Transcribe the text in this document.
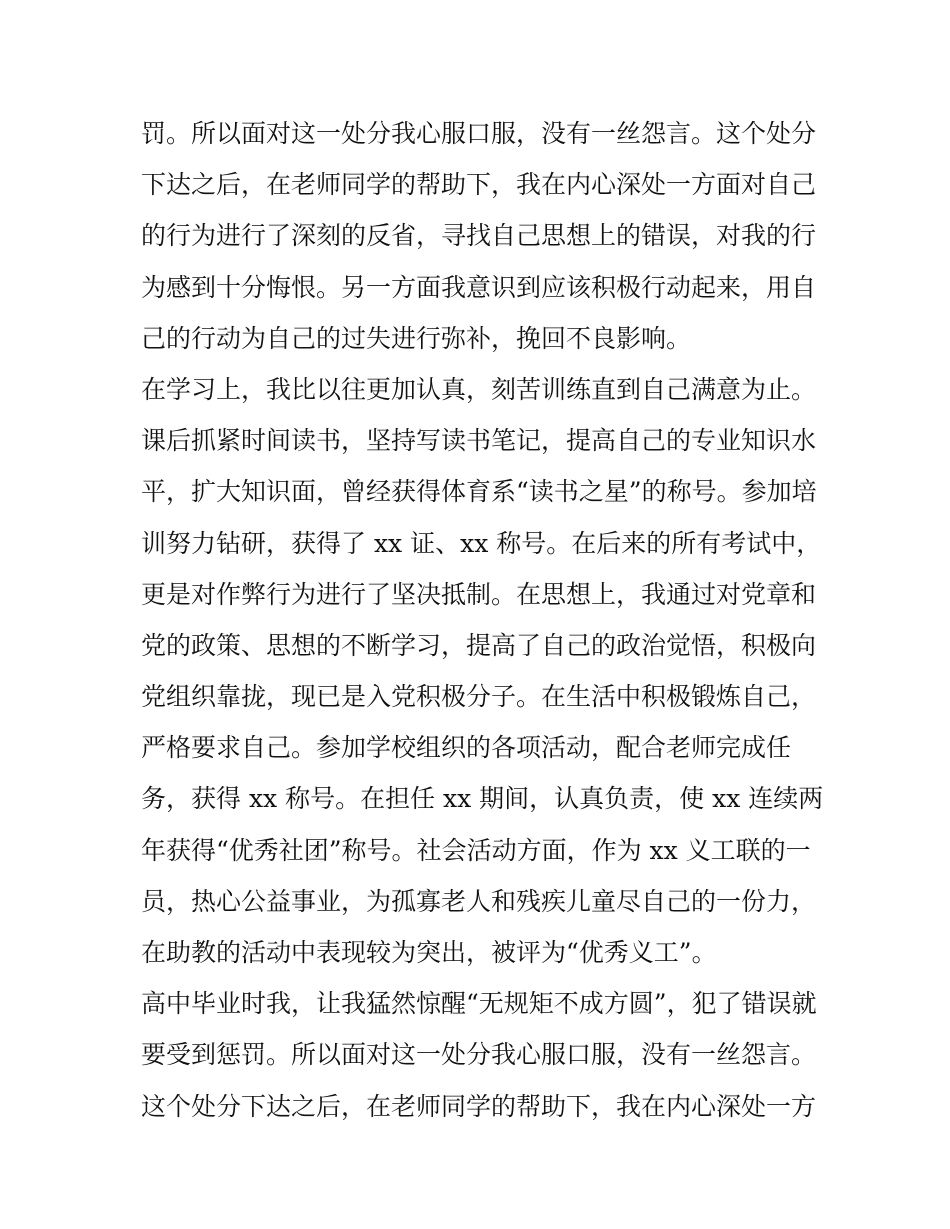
罚。所以面对这一处分我心服口服，没有一丝怨言。这个处分
下达之后，在老师同学的帮助下，我在内心深处一方面对自己
的行为进行了深刻的反省，寻找自己思想上的错误，对我的行
为感到十分悔恨。另一方面我意识到应该积极行动起来，用自
己的行动为自己的过失进行弥补，挽回不良影响。
在学习上，我比以往更加认真，刻苦训练直到自己满意为止。
课后抓紧时间读书，坚持写读书笔记，提高自己的专业知识水
平，扩大知识面，曾经获得体育系“读书之星”的称号。参加培
训努力钻研，获得了 xx 证、xx 称号。在后来的所有考试中，
更是对作弊行为进行了坚决抵制。在思想上，我通过对党章和
党的政策、思想的不断学习，提高了自己的政治觉悟，积极向
党组织靠拢，现已是入党积极分子。在生活中积极锻炼自己，
严格要求自己。参加学校组织的各项活动，配合老师完成任
务，获得 xx 称号。在担任 xx 期间，认真负责，使 xx 连续两
年获得“优秀社团”称号。社会活动方面，作为 xx 义工联的一
员，热心公益事业，为孤寡老人和残疾儿童尽自己的一份力，
在助教的活动中表现较为突出，被评为“优秀义工”。
高中毕业时我，让我猛然惊醒“无规矩不成方圆”，犯了错误就
要受到惩罚。所以面对这一处分我心服口服，没有一丝怨言。
这个处分下达之后，在老师同学的帮助下，我在内心深处一方
